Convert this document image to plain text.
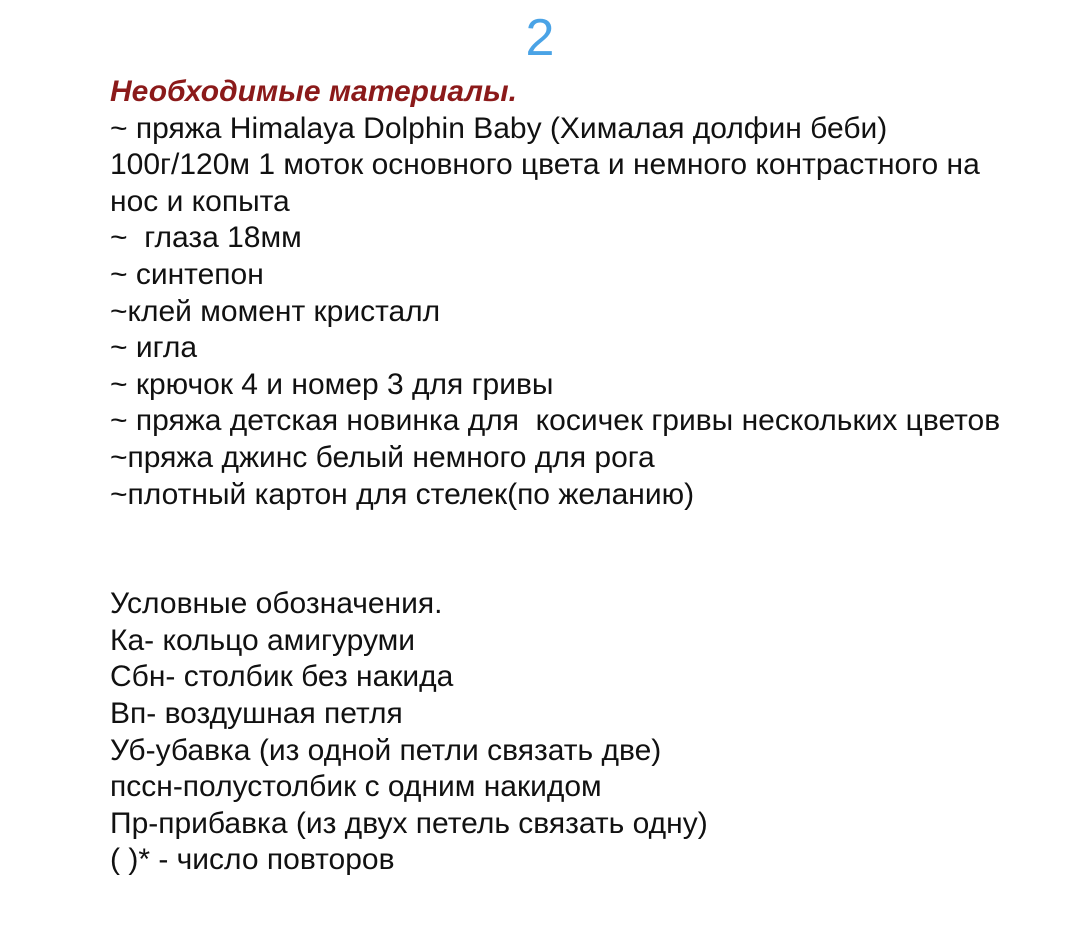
2

Необходимые материалы.

~ пряжа Himalaya Dolphin Baby (Хималая долфин беби) 100г/120м 1 моток основного цвета и немного контрастного на нос и копыта

~  глаза 18мм

~ синтепон

~клей момент кристалл

~ игла

~ крючок 4 и номер 3 для гривы

~ пряжа детская новинка для  косичек гривы нескольких цветов

~пряжа джинс белый немного для рога

~плотный картон для стелек(по желанию)

Условные обозначения.

Ка- кольцо амигуруми

Сбн- столбик без накида

Вп- воздушная петля

Уб-убавка (из одной петли связать две)

пссн-полустолбик с одним накидом

Пр-прибавка (из двух петель связать одну)

( )* - число повторов
